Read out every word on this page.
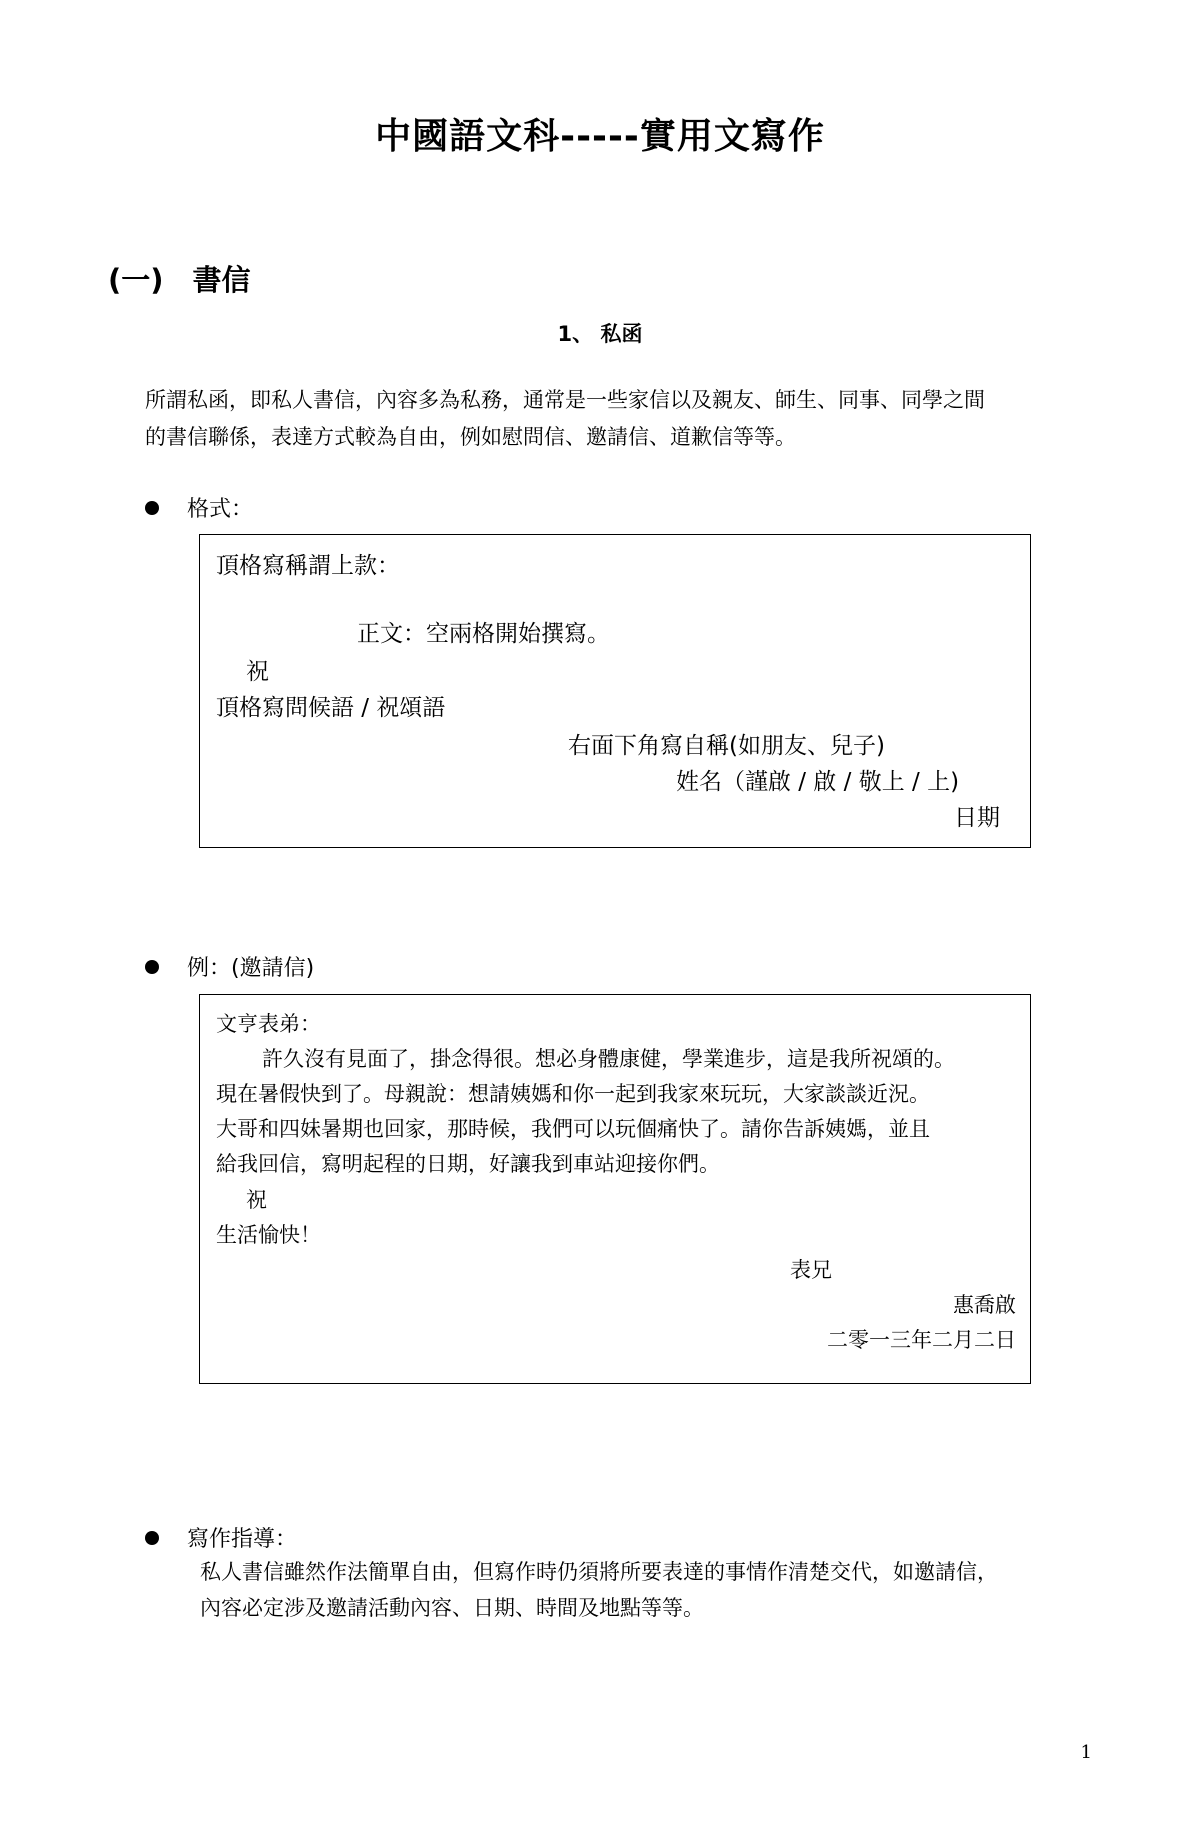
中國語文科-----實用文寫作
(一)　書信
1、 私函
所謂私函，即私人書信，內容多為私務，通常是一些家信以及親友、師生、同事、同學之間
的書信聯係，表達方式較為自由，例如慰問信、邀請信、道歉信等等。
格式：
頂格寫稱謂上款：
正文：空兩格開始撰寫。
祝
頂格寫問候語 / 祝頌語
右面下角寫自稱(如朋友、兒子)
姓名（謹啟 / 啟 / 敬上 / 上)
日期
例：(邀請信)
文亨表弟：
許久沒有見面了，掛念得很。想必身體康健，學業進步，這是我所祝頌的。
現在暑假快到了。母親說：想請姨媽和你一起到我家來玩玩，大家談談近況。
大哥和四妹暑期也回家，那時候，我們可以玩個痛快了。請你告訴姨媽，並且
給我回信，寫明起程的日期，好讓我到車站迎接你們。
祝
生活愉快！
表兄
惠喬啟
二零一三年二月二日
寫作指導：
私人書信雖然作法簡單自由，但寫作時仍須將所要表達的事情作清楚交代，如邀請信，
內容必定涉及邀請活動內容、日期、時間及地點等等。
1
